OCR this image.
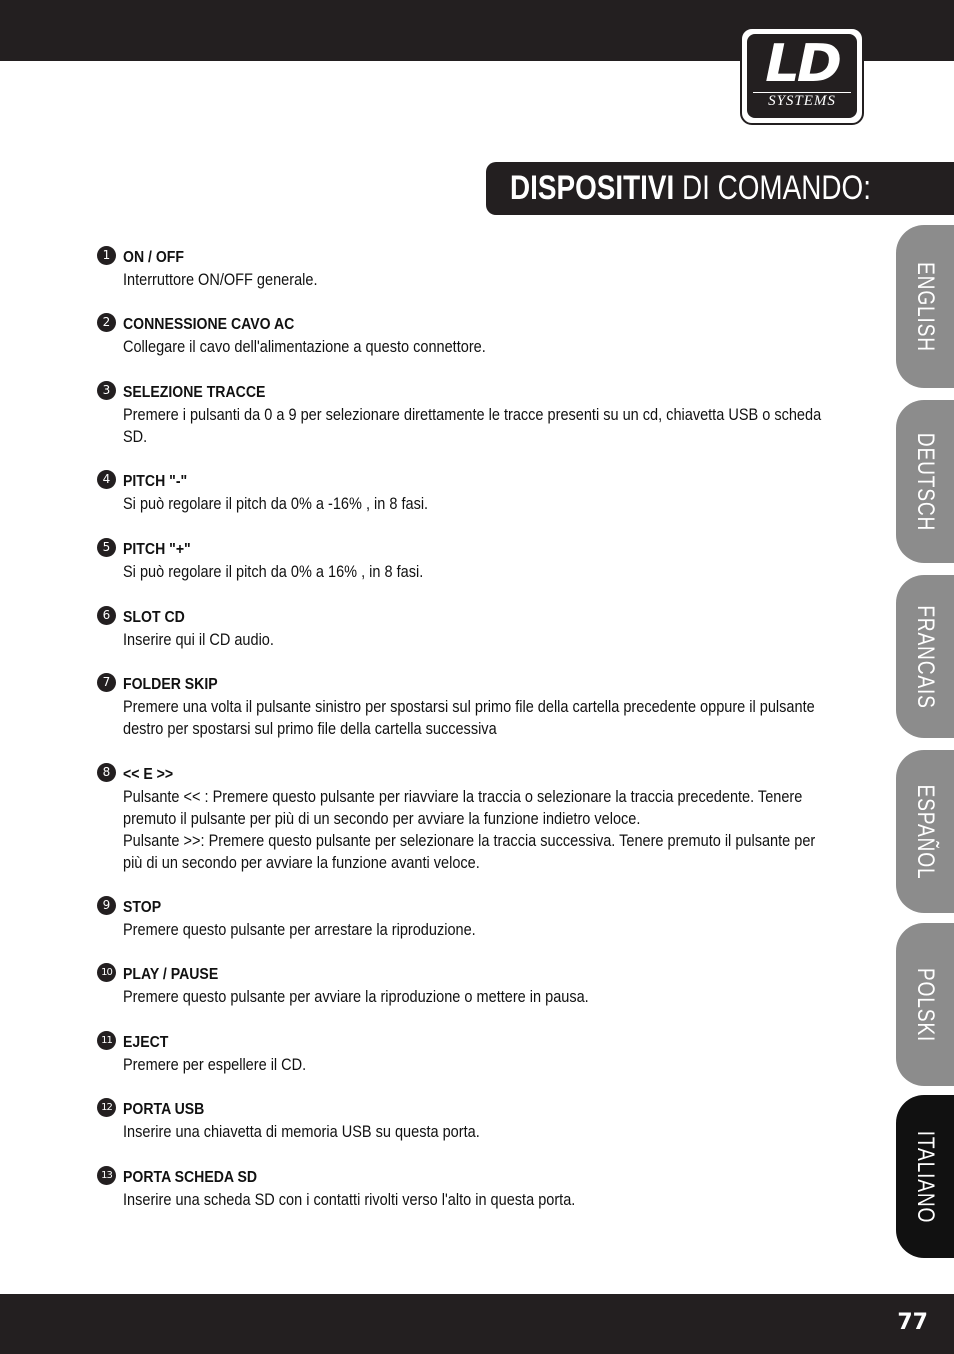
LD
SYSTEMS
DISPOSITIVI DI COMANDO:
ENGLISH
DEUTSCH
FRANCAIS
ESPAÑOL
POLSKI
ITALIANO
1 ON / OFF
Interruttore ON/OFF generale.
2 CONNESSIONE CAVO AC
Collegare il cavo dell'alimentazione a questo connettore.
3 SELEZIONE TRACCE
Premere i pulsanti da 0 a 9 per selezionare direttamente le tracce presenti su un cd, chiavetta USB o scheda
SD.
4 PITCH "-"
Si può regolare il pitch da 0% a -16% , in 8 fasi.
5 PITCH "+"
Si può regolare il pitch da 0% a 16% , in 8 fasi.
6 SLOT CD
Inserire qui il CD audio.
7 FOLDER SKIP
Premere una volta il pulsante sinistro per spostarsi sul primo file della cartella precedente oppure il pulsante
destro per spostarsi sul primo file della cartella successiva
8 << E >>
Pulsante << : Premere questo pulsante per riavviare la traccia o selezionare la traccia precedente. Tenere
premuto il pulsante per più di un secondo per avviare la funzione indietro veloce.
Pulsante >>: Premere questo pulsante per selezionare la traccia successiva. Tenere premuto il pulsante per
più di un secondo per avviare la funzione avanti veloce.
9 STOP
Premere questo pulsante per arrestare la riproduzione.
10 PLAY / PAUSE
Premere questo pulsante per avviare la riproduzione o mettere in pausa.
11 EJECT
Premere per espellere il CD.
12 PORTA USB
Inserire una chiavetta di memoria USB su questa porta.
13 PORTA SCHEDA SD
Inserire una scheda SD con i contatti rivolti verso l'alto in questa porta.
77
